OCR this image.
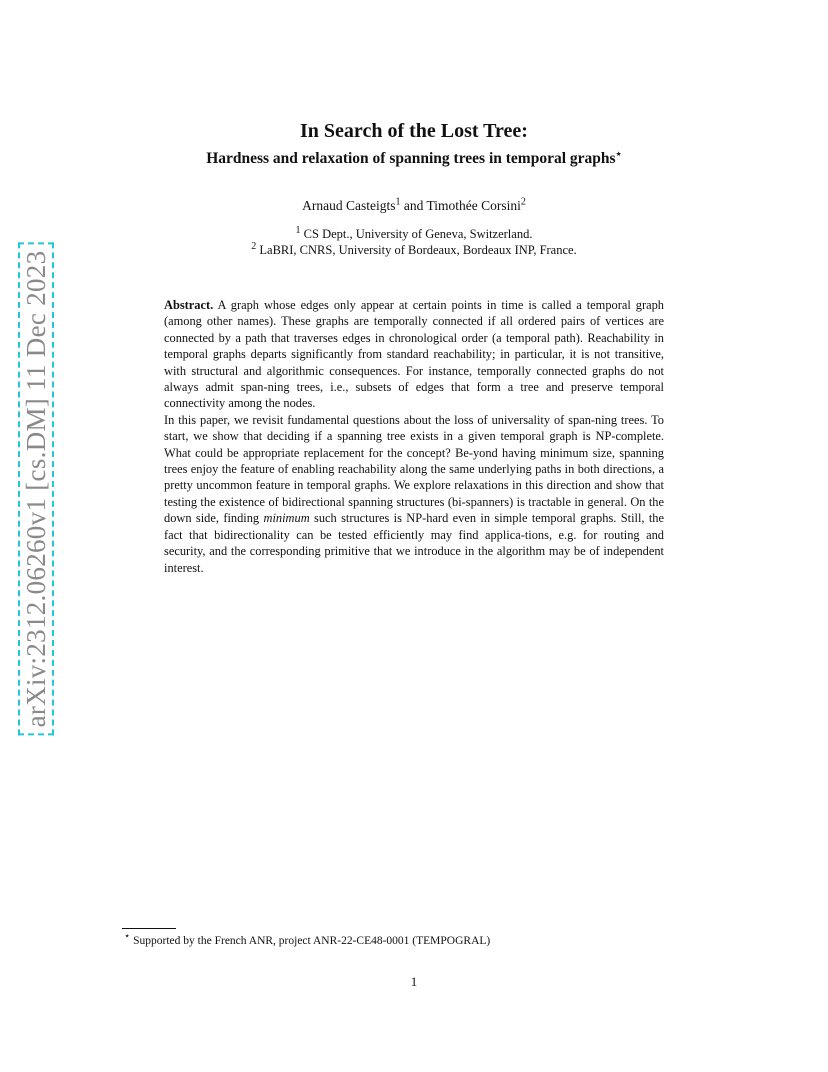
arXiv:2312.06260v1 [cs.DM] 11 Dec 2023
In Search of the Lost Tree:
Hardness and relaxation of spanning trees in temporal graphs⋆
Arnaud Casteigts$^1$ and Timothée Corsini$^2$
$^1$ CS Dept., University of Geneva, Switzerland.
$^2$ LaBRI, CNRS, University of Bordeaux, Bordeaux INP, France.

Abstract. A graph whose edges only appear at certain points in time is called a temporal graph (among other names). These graphs are temporally connected if all ordered pairs of vertices are connected by a path that traverses edges in chronological order (a temporal path). Reachability in temporal graphs departs significantly from standard reachability; in particular, it is not transitive, with structural and algorithmic consequences. For instance, temporally connected graphs do not always admit span-ning trees, i.e., subsets of edges that form a tree and preserve temporal connectivity among the nodes.

In this paper, we revisit fundamental questions about the loss of universality of span-ning trees. To start, we show that deciding if a spanning tree exists in a given temporal graph is NP-complete. What could be appropriate replacement for the concept? Be-yond having minimum size, spanning trees enjoy the feature of enabling reachability along the same underlying paths in both directions, a pretty uncommon feature in temporal graphs. We explore relaxations in this direction and show that testing the existence of bidirectional spanning structures (bi-spanners) is tractable in general. On the down side, finding minimum such structures is NP-hard even in simple temporal graphs. Still, the fact that bidirectionality can be tested efficiently may find applica-tions, e.g. for routing and security, and the corresponding primitive that we introduce in the algorithm may be of independent interest.

⋆ Supported by the French ANR, project ANR-22-CE48-0001 (TEMPOGRAL)
1
